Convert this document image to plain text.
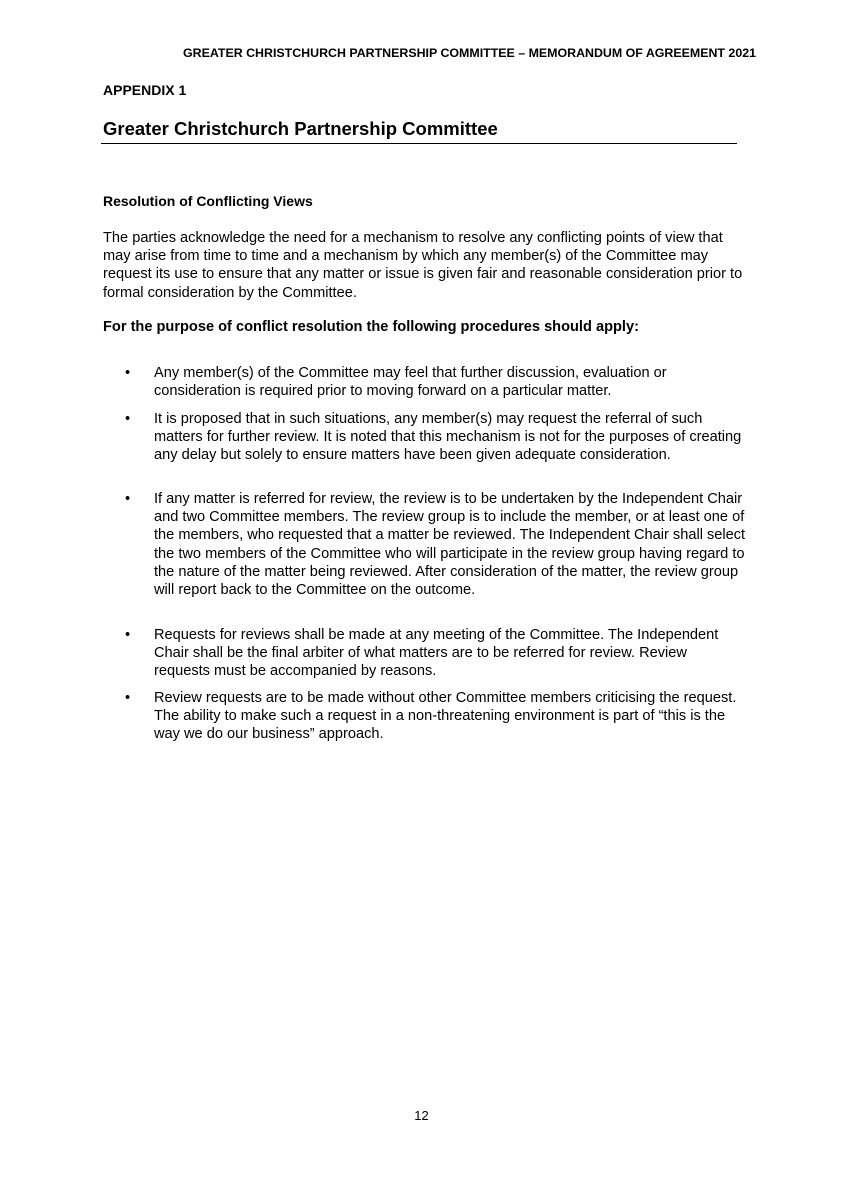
GREATER CHRISTCHURCH PARTNERSHIP COMMITTEE – MEMORANDUM OF AGREEMENT 2021
APPENDIX 1
Greater Christchurch Partnership Committee
Resolution of Conflicting Views

The parties acknowledge the need for a mechanism to resolve any conflicting points of view that may arise from time to time and a mechanism by which any member(s) of the Committee may request its use to ensure that any matter or issue is given fair and reasonable consideration prior to formal consideration by the Committee.

For the purpose of conflict resolution the following procedures should apply:

• Any member(s) of the Committee may feel that further discussion, evaluation or consideration is required prior to moving forward on a particular matter.

• It is proposed that in such situations, any member(s) may request the referral of such matters for further review. It is noted that this mechanism is not for the purposes of creating any delay but solely to ensure matters have been given adequate consideration.

• If any matter is referred for review, the review is to be undertaken by the Independent Chair and two Committee members. The review group is to include the member, or at least one of the members, who requested that a matter be reviewed. The Independent Chair shall select the two members of the Committee who will participate in the review group having regard to the nature of the matter being reviewed. After consideration of the matter, the review group will report back to the Committee on the outcome.

• Requests for reviews shall be made at any meeting of the Committee. The Independent Chair shall be the final arbiter of what matters are to be referred for review. Review requests must be accompanied by reasons.

• Review requests are to be made without other Committee members criticising the request. The ability to make such a request in a non-threatening environment is part of “this is the way we do our business” approach.

12
